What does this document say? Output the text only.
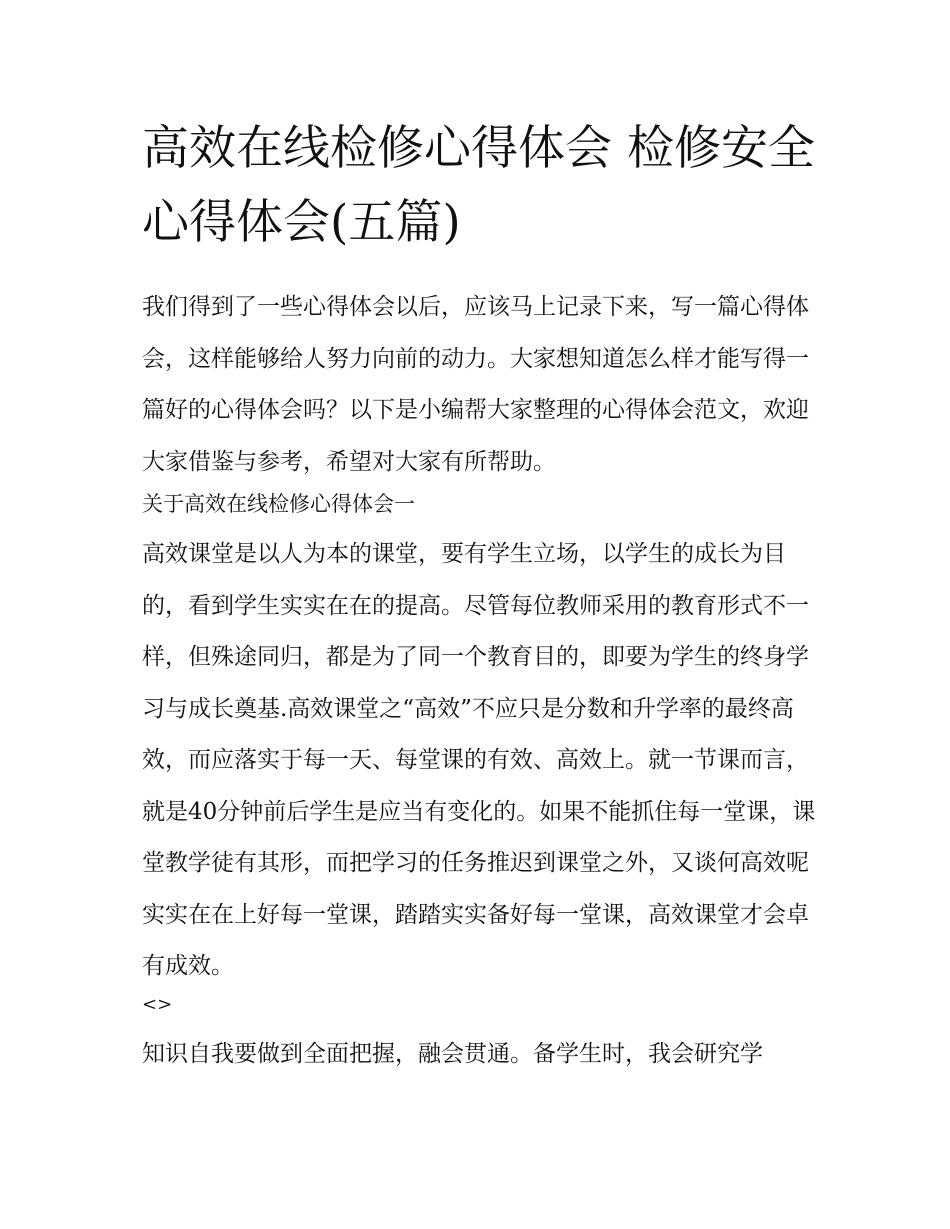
高效在线检修心得体会 检修安全心得体会(五篇)

我们得到了一些心得体会以后，应该马上记录下来，写一篇心得体会，这样能够给人努力向前的动力。大家想知道怎么样才能写得一篇好的心得体会吗？以下是小编帮大家整理的心得体会范文，欢迎大家借鉴与参考，希望对大家有所帮助。

关于高效在线检修心得体会一

高效课堂是以人为本的课堂，要有学生立场，以学生的成长为目的，看到学生实实在在的提高。尽管每位教师采用的教育形式不一样，但殊途同归，都是为了同一个教育目的，即要为学生的终身学习与成长奠基.高效课堂之“高效”不应只是分数和升学率的最终高效，而应落实于每一天、每堂课的有效、高效上。就一节课而言，就是40分钟前后学生是应当有变化的。如果不能抓住每一堂课，课堂教学徒有其形，而把学习的任务推迟到课堂之外，又谈何高效呢实实在在上好每一堂课，踏踏实实备好每一堂课，高效课堂才会卓有成效。

<>

知识自我要做到全面把握，融会贯通。备学生时，我会研究学
